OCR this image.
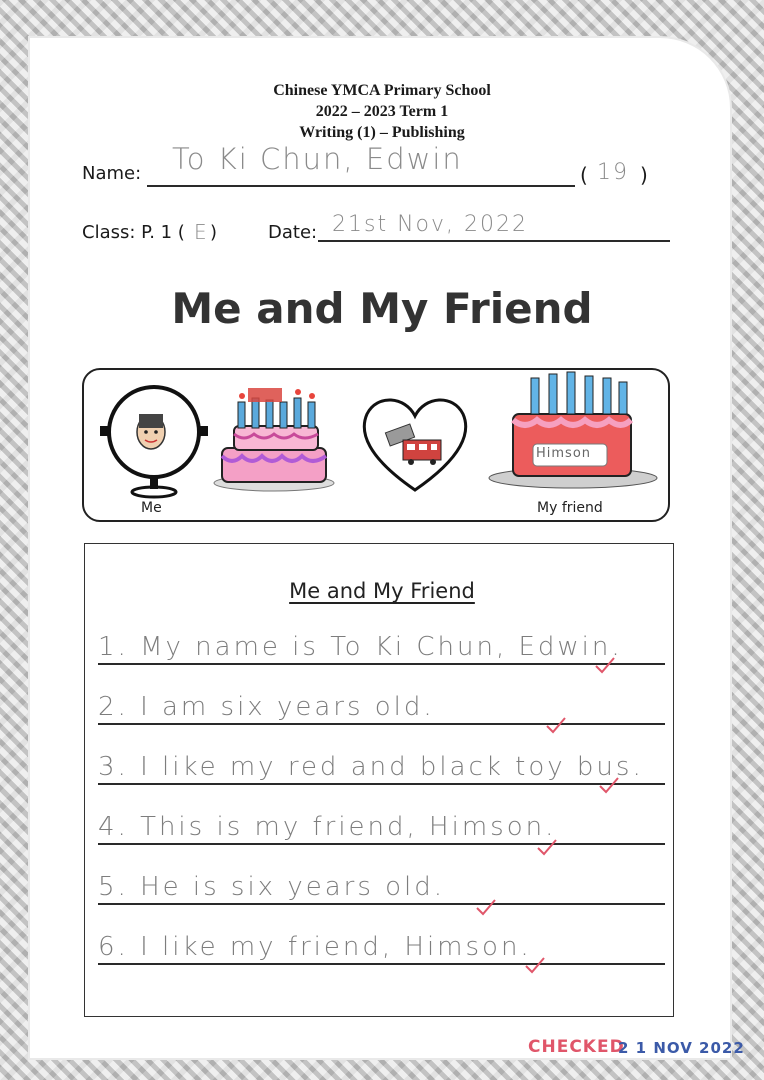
Chinese YMCA Primary School
2022 – 2023 Term 1
Writing (1) – Publishing
Name: To Ki Chun, Edwin	( 19 )
Class: P. 1 ( E )	Date: 21st Nov, 2022
Me and My Friend
Me
Himson
My friend
Me and My Friend
1. My name is To Ki Chun, Edwin.
2. I am six years old.
3. I like my red and black toy bus.
4. This is my friend, Himson.
5. He is six years old.
6. I like my friend, Himson.
CHECKED
2 1 NOV 2022
